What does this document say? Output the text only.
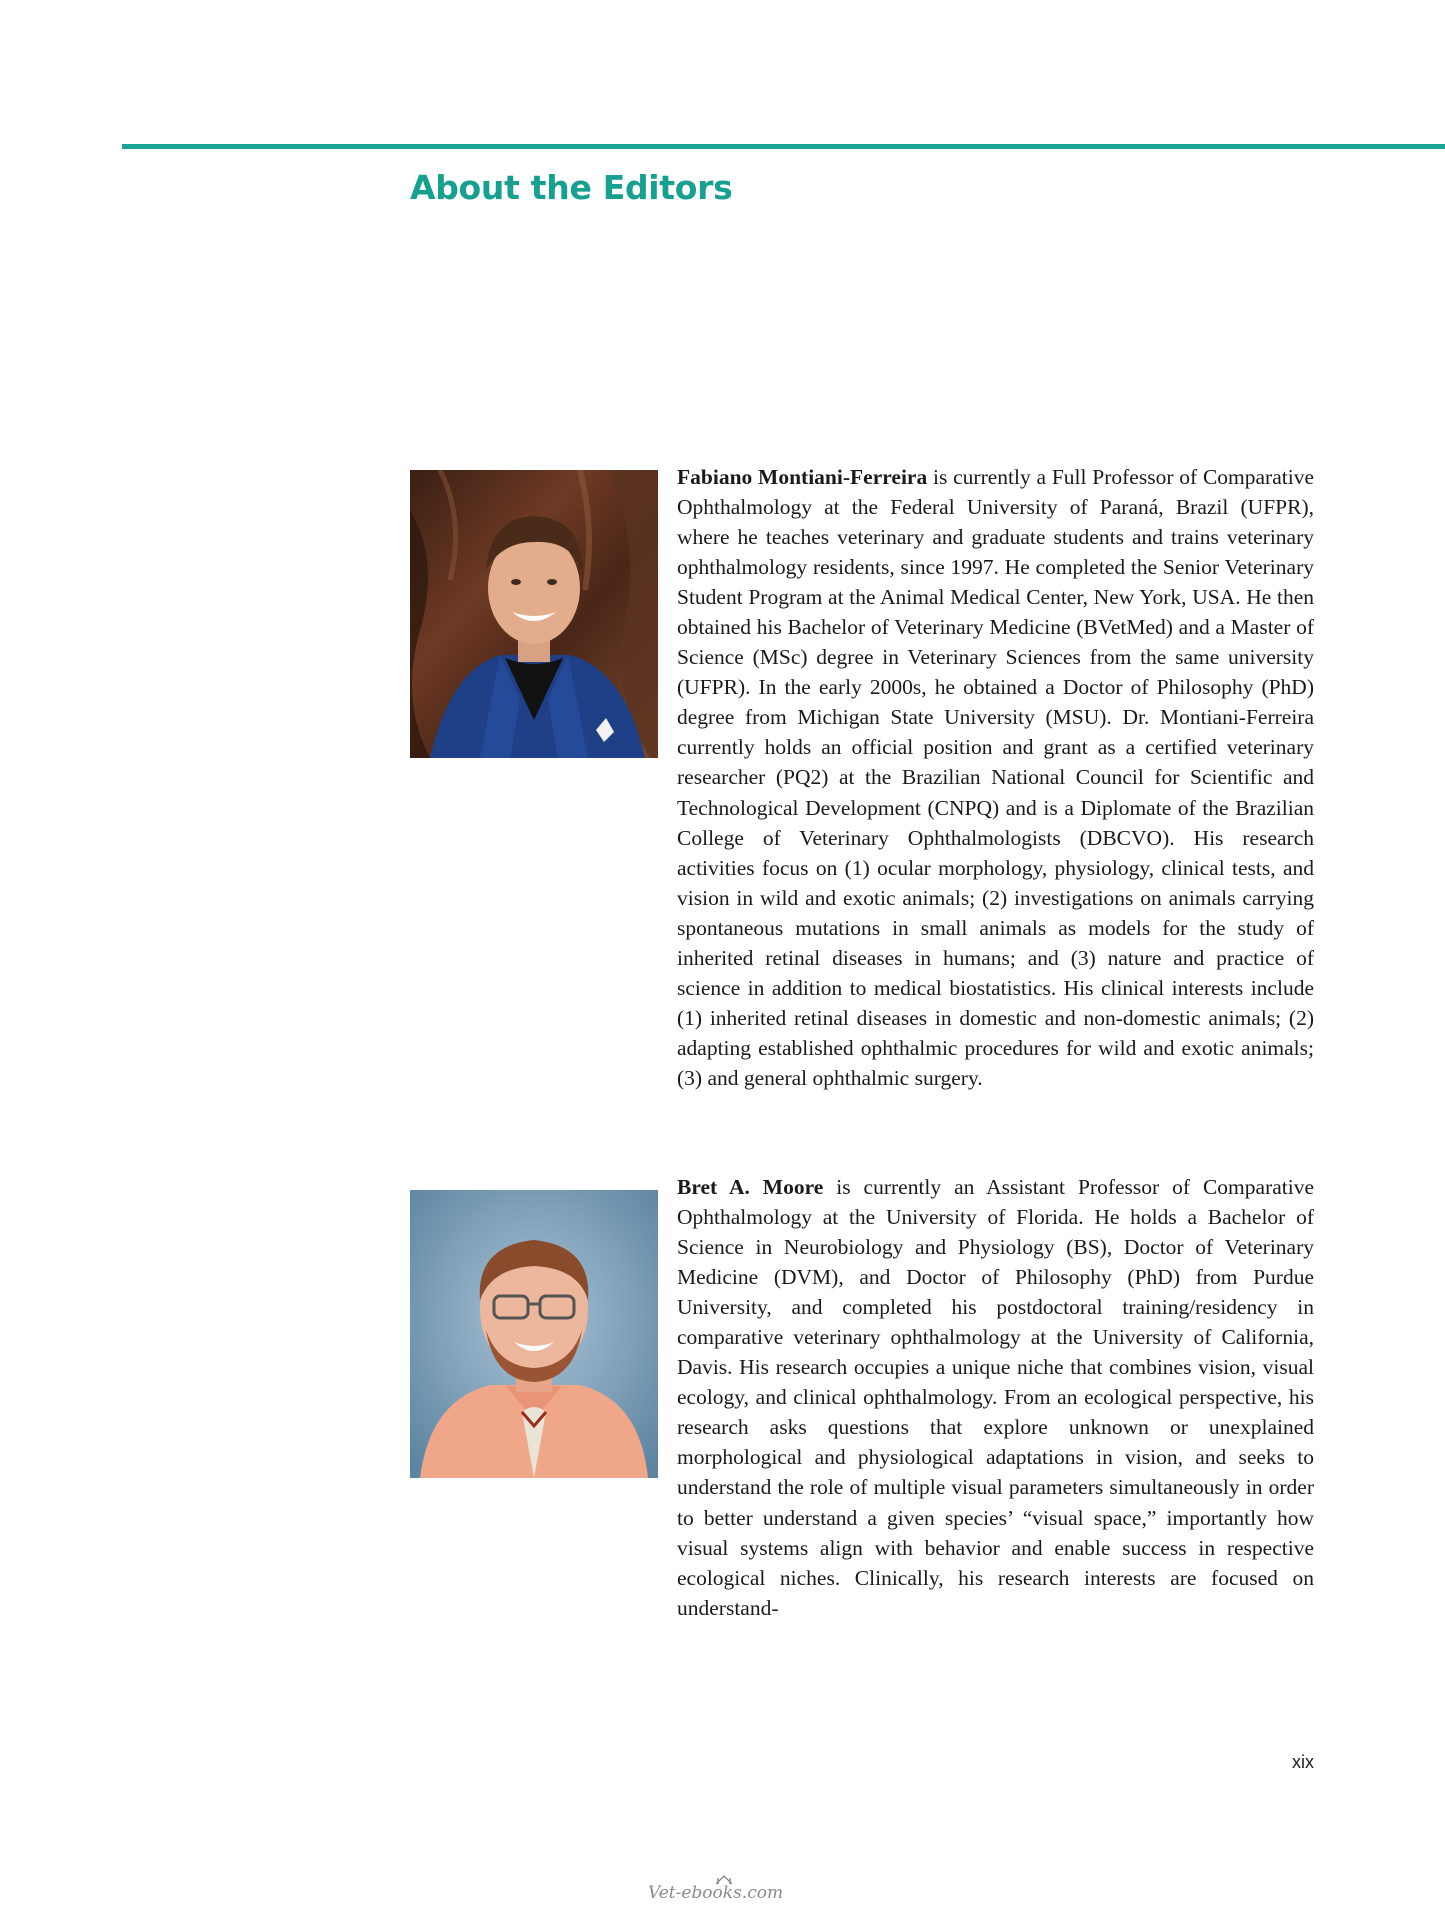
About the Editors

Fabiano Montiani-Ferreira is currently a Full Professor of Comparative Ophthalmology at the Federal University of Paraná, Brazil (UFPR), where he teaches veterinary and graduate students and trains veterinary ophthalmology residents, since 1997. He completed the Senior Veterinary Student Program at the Animal Medical Center, New York, USA. He then obtained his Bachelor of Veterinary Medicine (BVetMed) and a Master of Science (MSc) degree in Veterinary Sciences from the same university (UFPR). In the early 2000s, he obtained a Doctor of Philosophy (PhD) degree from Michigan State University (MSU). Dr. Montiani-Ferreira currently holds an official position and grant as a certified veterinary researcher (PQ2) at the Brazilian National Council for Scientific and Technological Development (CNPQ) and is a Diplomate of the Brazilian College of Veterinary Ophthalmologists (DBCVO). His research activities focus on (1) ocular morphology, physiology, clinical tests, and vision in wild and exotic animals; (2) investigations on animals carrying spontaneous mutations in small animals as models for the study of inherited retinal diseases in humans; and (3) nature and practice of science in addition to medical biostatistics. His clinical interests include (1) inherited retinal diseases in domestic and non-domestic animals; (2) adapting established ophthalmic procedures for wild and exotic animals; (3) and general ophthalmic surgery.

Bret A. Moore is currently an Assistant Professor of Comparative Ophthalmology at the University of Florida. He holds a Bachelor of Science in Neurobiology and Physiology (BS), Doctor of Veterinary Medicine (DVM), and Doctor of Philosophy (PhD) from Purdue University, and completed his postdoctoral training/residency in comparative veterinary ophthalmology at the University of California, Davis. His research occupies a unique niche that combines vision, visual ecology, and clinical ophthalmology. From an ecological perspective, his research asks questions that explore unknown or unexplained morphological and physiological adaptations in vision, and seeks to understand the role of multiple visual parameters simultaneously in order to better understand a given species’ “visual space,” importantly how visual systems align with behavior and enable success in respective ecological niches. Clinically, his research interests are focused on understand-

xix
Vet-ebooks.com
